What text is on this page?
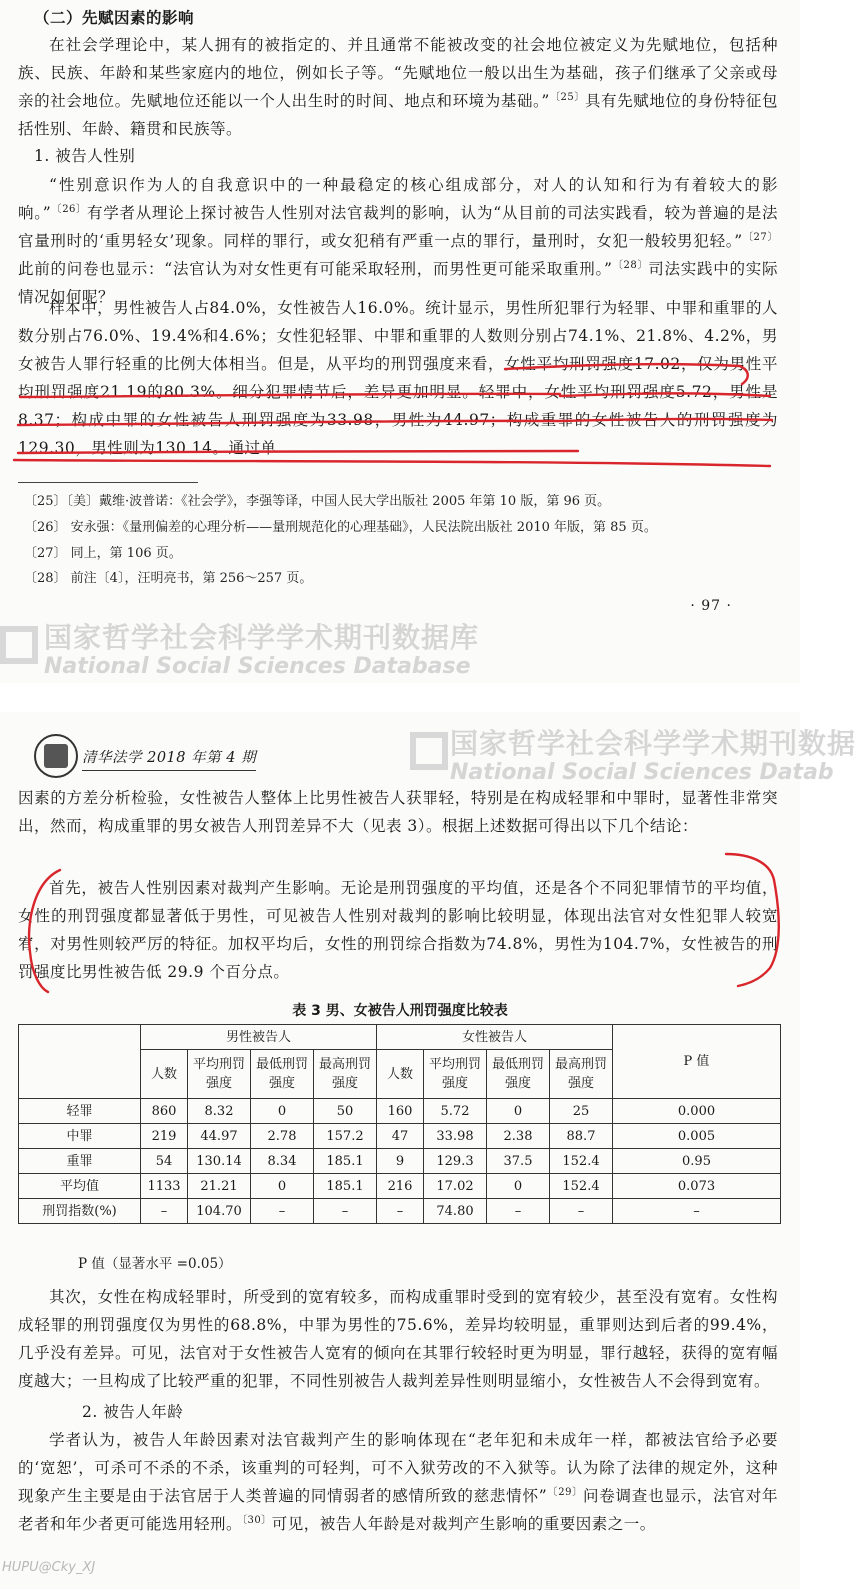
国家哲学社会科学学术期刊数据库
National Social Sciences Database
（二）先赋因素的影响
在社会学理论中，某人拥有的被指定的、并且通常不能被改变的社会地位被定义为先赋地位，包括种族、民族、年龄和某些家庭内的地位，例如长子等。“先赋地位一般以出生为基础，孩子们继承了父亲或母亲的社会地位。先赋地位还能以一个人出生时的时间、地点和环境为基础。”$^{〔25〕}$具有先赋地位的身份特征包括性别、年龄、籍贯和民族等。
1. 被告人性别
“性别意识作为人的自我意识中的一种最稳定的核心组成部分，对人的认知和行为有着较大的影响。”$^{〔26〕}$有学者从理论上探讨被告人性别对法官裁判的影响，认为“从目前的司法实践看，较为普遍的是法官量刑时的‘重男轻女’现象。同样的罪行，或女犯稍有严重一点的罪行，量刑时，女犯一般较男犯轻。”$^{〔27〕}$此前的问卷也显示：“法官认为对女性更有可能采取轻刑，而男性更可能采取重刑。”$^{〔28〕}$司法实践中的实际情况如何呢？
样本中，男性被告人占84.0%，女性被告人16.0%。统计显示，男性所犯罪行为轻罪、中罪和重罪的人数分别占76.0%、19.4%和4.6%；女性犯轻罪、中罪和重罪的人数则分别占74.1%、21.8%、4.2%，男女被告人罪行轻重的比例大体相当。但是，从平均的刑罚强度来看，女性平均刑罚强度17.02，仅为男性平均刑罚强度21.19的80.3%。细分犯罪情节后，差异更加明显。轻罪中，女性平均刑罚强度5.72，男性是8.37；构成中罪的女性被告人刑罚强度为33.98，男性为44.97；构成重罪的女性被告人的刑罚强度为129.30，男性则为130.14。通过单
〔25〕〔美〕戴维·波普诺：《社会学》，李强等译，中国人民大学出版社 2005 年第 10 版，第 96 页。
〔26〕 安永强：《量刑偏差的心理分析——量刑规范化的心理基础》，人民法院出版社 2010 年版，第 85 页。
〔27〕 同上，第 106 页。
〔28〕 前注〔4〕，汪明亮书，第 256～257 页。
· 97 ·
国家哲学社会科学学术期刊数据
National Social Sciences Datab
清华法学 2018 年第 4 期
因素的方差分析检验，女性被告人整体上比男性被告人获罪轻，特别是在构成轻罪和中罪时，显著性非常突出，然而，构成重罪的男女被告人刑罚差异不大（见表 3）。根据上述数据可得出以下几个结论：
首先，被告人性别因素对裁判产生影响。无论是刑罚强度的平均值，还是各个不同犯罪情节的平均值，女性的刑罚强度都显著低于男性，可见被告人性别对裁判的影响比较明显，体现出法官对女性犯罪人较宽宥，对男性则较严厉的特征。加权平均后，女性的刑罚综合指数为74.8%，男性为104.7%，女性被告的刑罚强度比男性被告低 29.9 个百分点。
表 3 男、女被告人刑罚强度比较表
	男性被告人				女性被告人				P 值
	人数	平均刑罚强度	最低刑罚强度	最高刑罚强度	人数	平均刑罚强度	最低刑罚强度	最高刑罚强度	
轻罪	860	8.32	0	50	160	5.72	0	25	0.000
中罪	219	44.97	2.78	157.2	47	33.98	2.38	88.7	0.005
重罪	54	130.14	8.34	185.1	9	129.3	37.5	152.4	0.95
平均值	1133	21.21	0	185.1	216	17.02	0	152.4	0.073
刑罚指数(%)	–	104.70	–	–	–	74.80	–	–	–
P 值（显著水平 =0.05）
其次，女性在构成轻罪时，所受到的宽宥较多，而构成重罪时受到的宽宥较少，甚至没有宽宥。女性构成轻罪的刑罚强度仅为男性的68.8%，中罪为男性的75.6%，差异均较明显，重罪则达到后者的99.4%，几乎没有差异。可见，法官对于女性被告人宽宥的倾向在其罪行较轻时更为明显，罪行越轻，获得的宽宥幅度越大；一旦构成了比较严重的犯罪，不同性别被告人裁判差异性则明显缩小，女性被告人不会得到宽宥。
2. 被告人年龄
学者认为，被告人年龄因素对法官裁判产生的影响体现在“老年犯和未成年一样，都被法官给予必要的‘宽恕’，可杀可不杀的不杀，该重判的可轻判，可不入狱劳改的不入狱等。认为除了法律的规定外，这种现象产生主要是由于法官居于人类普遍的同情弱者的感情所致的慈悲情怀”$^{〔29〕}$问卷调查也显示，法官对年老者和年少者更可能选用轻刑。$^{〔30〕}$可见，被告人年龄是对裁判产生影响的重要因素之一。
HUPU@Cky_XJ
